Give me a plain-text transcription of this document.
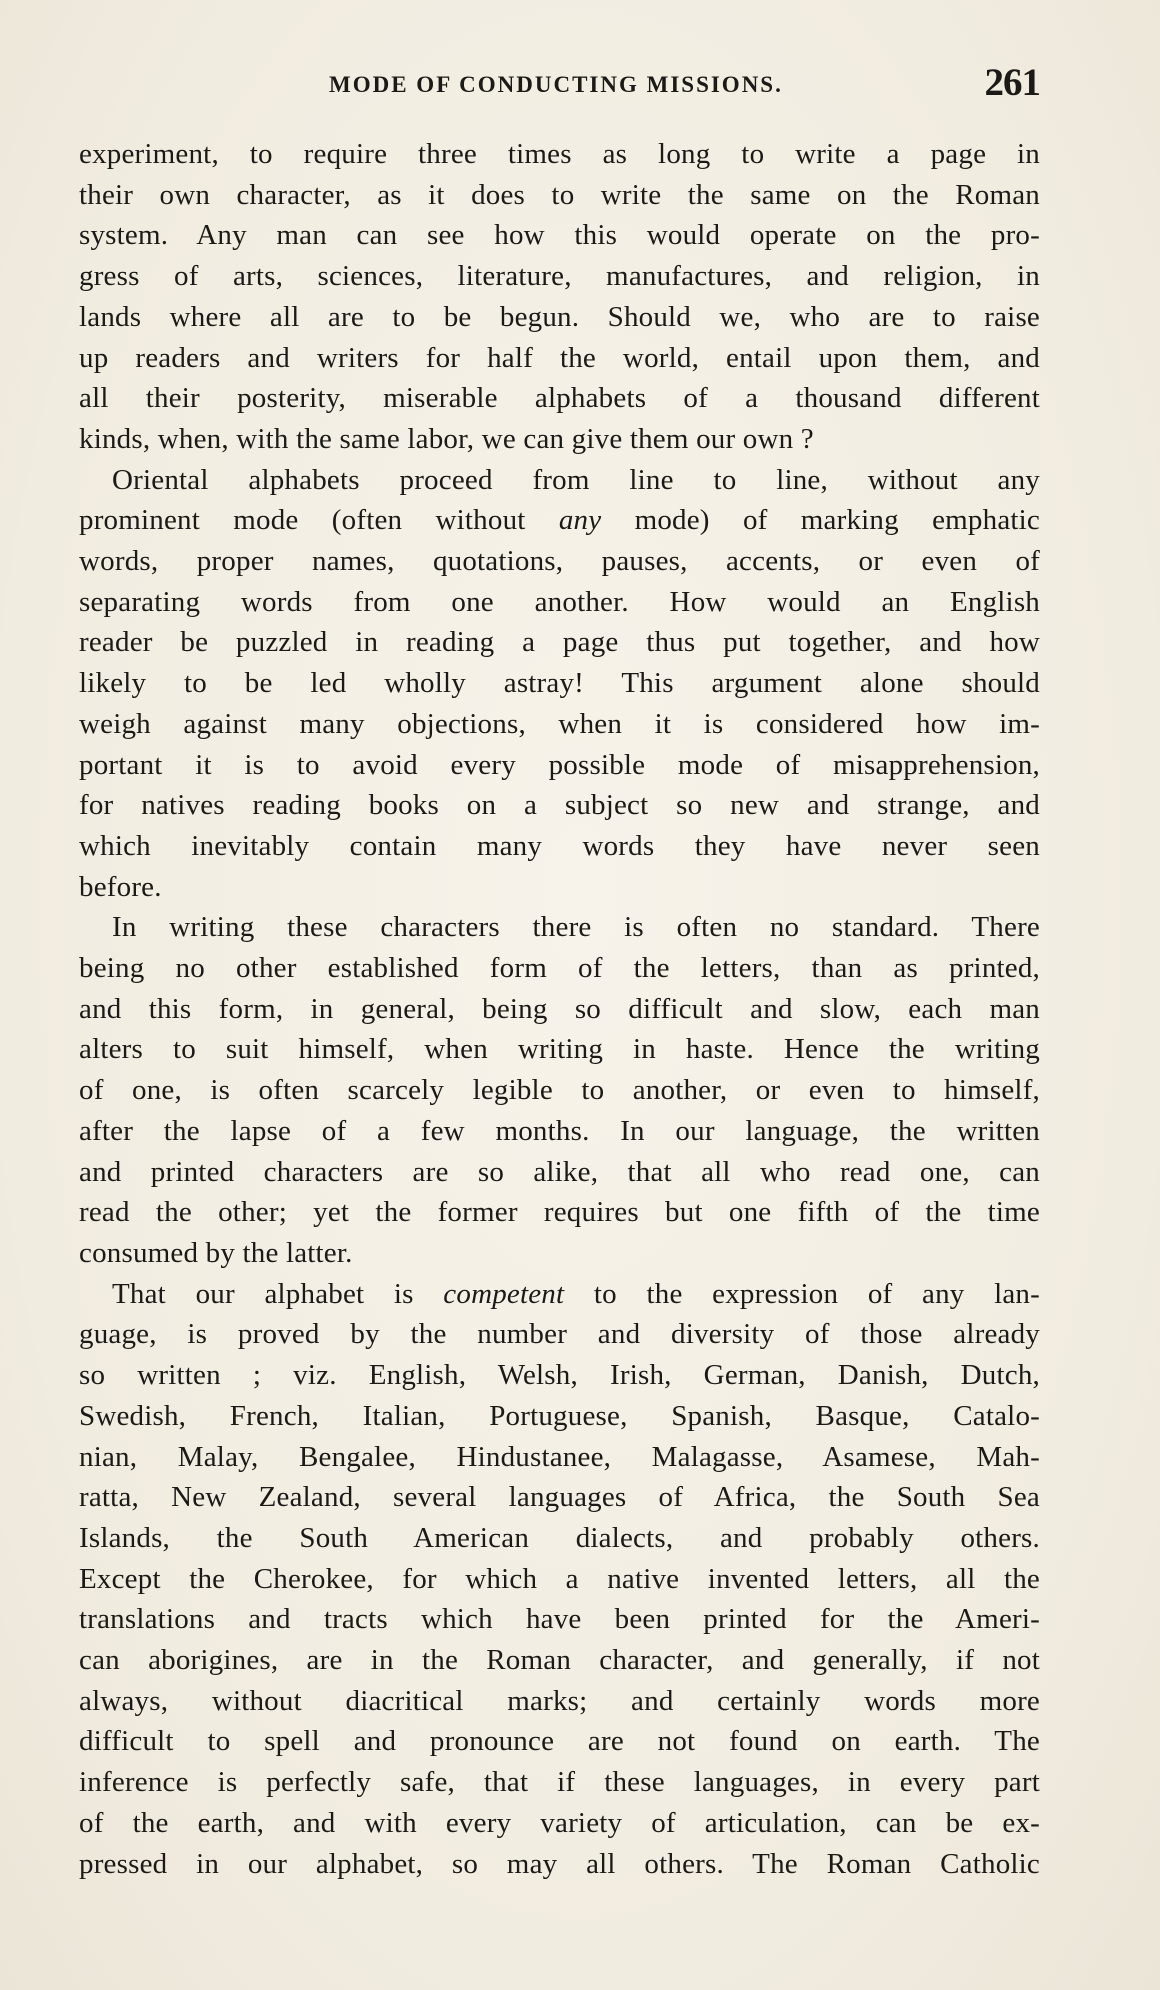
MODE OF CONDUCTING MISSIONS.	261

experiment, to require three times as long to write a page in

their own character, as it does to write the same on the Roman

system. Any man can see how this would operate on the pro-

gress of arts, sciences, literature, manufactures, and religion, in

lands where all are to be begun. Should we, who are to raise

up readers and writers for half the world, entail upon them, and

all their posterity, miserable alphabets of a thousand different

kinds, when, with the same labor, we can give them our own ?

Oriental alphabets proceed from line to line, without any

prominent mode (often without any mode) of marking emphatic

words, proper names, quotations, pauses, accents, or even of

separating words from one another. How would an English

reader be puzzled in reading a page thus put together, and how

likely to be led wholly astray! This argument alone should

weigh against many objections, when it is considered how im-

portant it is to avoid every possible mode of misapprehension,

for natives reading books on a subject so new and strange, and

which inevitably contain many words they have never seen

before.

In writing these characters there is often no standard. There

being no other established form of the letters, than as printed,

and this form, in general, being so difficult and slow, each man

alters to suit himself, when writing in haste. Hence the writing

of one, is often scarcely legible to another, or even to himself,

after the lapse of a few months. In our language, the written

and printed characters are so alike, that all who read one, can

read the other; yet the former requires but one fifth of the time

consumed by the latter.

That our alphabet is competent to the expression of any lan-

guage, is proved by the number and diversity of those already

so written ; viz. English, Welsh, Irish, German, Danish, Dutch,

Swedish, French, Italian, Portuguese, Spanish, Basque, Catalo-

nian, Malay, Bengalee, Hindustanee, Malagasse, Asamese, Mah-

ratta, New Zealand, several languages of Africa, the South Sea

Islands, the South American dialects, and probably others.

Except the Cherokee, for which a native invented letters, all the

translations and tracts which have been printed for the Ameri-

can aborigines, are in the Roman character, and generally, if not

always, without diacritical marks; and certainly words more

difficult to spell and pronounce are not found on earth. The

inference is perfectly safe, that if these languages, in every part

of the earth, and with every variety of articulation, can be ex-

pressed in our alphabet, so may all others. The Roman Catholic
